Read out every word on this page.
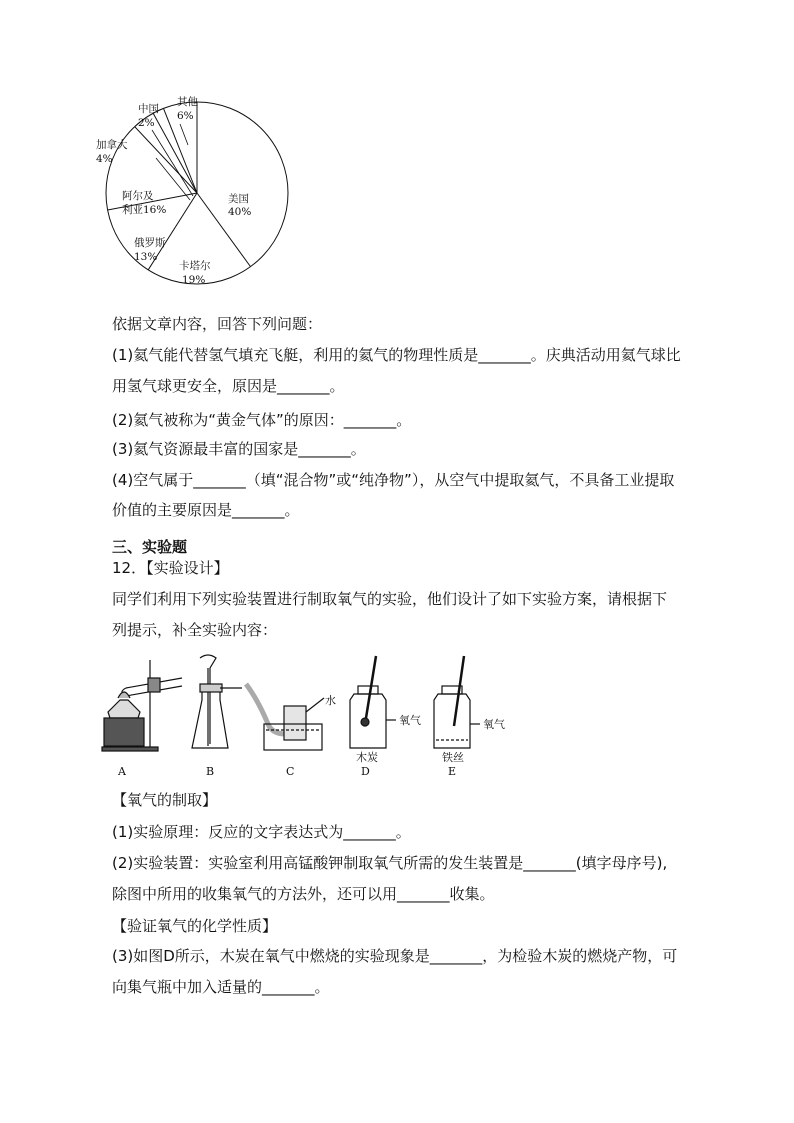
美国
40%
卡塔尔
19%
俄罗斯
13%
阿尔及
利亚16%
加拿大
4%
中国
2%
其他
6%
依据文章内容，回答下列问题：
(1)氦气能代替氢气填充飞艇，利用的氦气的物理性质是_______。庆典活动用氦气球比
用氢气球更安全，原因是_______。
(2)氦气被称为“黄金气体”的原因：_______。
(3)氦气资源最丰富的国家是_______。
(4)空气属于_______（填“混合物”或“纯净物”），从空气中提取氦气，不具备工业提取
价值的主要原因是_______。
三、实验题
12．【实验设计】
同学们利用下列实验装置进行制取氧气的实验，他们设计了如下实验方案，请根据下
列提示，补全实验内容：
A	B
水
C
氧气
木炭
D
氧气
铁丝
E
【氧气的制取】
(1)实验原理：反应的文字表达式为_______。
(2)实验装置：实验室利用高锰酸钾制取氧气所需的发生装置是_______(填字母序号),
除图中所用的收集氧气的方法外，还可以用_______收集。
【验证氧气的化学性质】
(3)如图D所示，木炭在氧气中燃烧的实验现象是_______，为检验木炭的燃烧产物，可
向集气瓶中加入适量的_______。
